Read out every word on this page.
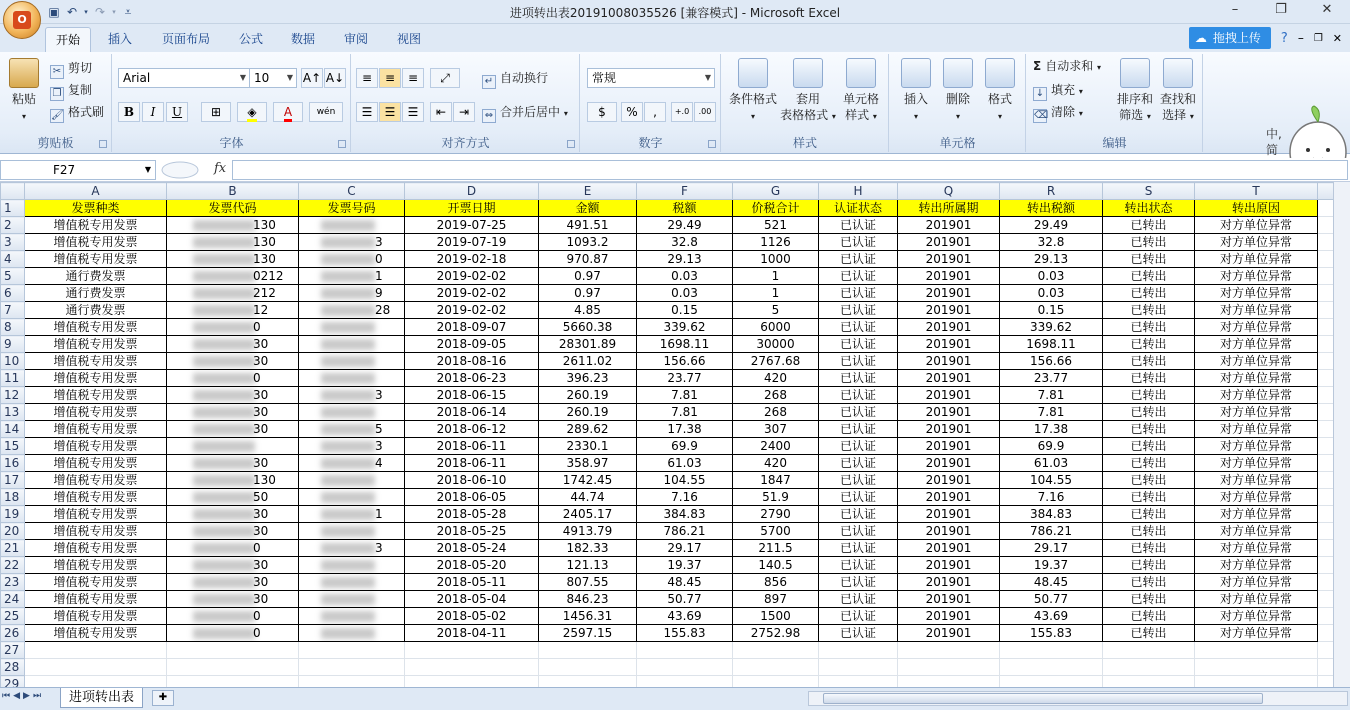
O
▣ ↶	▾ ↷	▾ ⩡	进项转出表20191008035526 [兼容模式] - Microsoft Excel	–	❐	✕
开始	插入	页面布局	公式	数据	审阅	视图	☁ 拖拽上传 ? – ❐ ✕
粘贴
▾
✂ 剪切
❐ 复制
🖌 格式刷
剪贴板
Arial	▼ 10 ▼ A↑ A↓
B	I	U	⊞	◈	A	wén
字体
≡	≡	≡	⤢	↵ 自动换行
☰	☰	☰	⇤	⇥	⇔ 合并后居中 ▾
对齐方式
常规	▼
$	%	,	+.0	.00
数字
条件格式
▾
套用
表格格式 ▾
单元格
样式 ▾
样式
插入
▾
删除
▾
格式
▾
单元格
Σ 自动求和 ▾
↓ 填充 ▾
⌫ 清除 ▾
排序和
筛选 ▾
查找和
选择 ▾
编辑
中,简
F27	▼	fx
	A	B	C	D	E	F	G	H	Q	R	S	T	
1	发票种类	发票代码	发票号码	开票日期	金额	税额	价税合计	认证状态	转出所属期	转出税额	转出状态	转出原因	
2	增值税专用发票	130		2019-07-25	491.51	29.49	521	已认证	201901	29.49	已转出	对方单位异常	
3	增值税专用发票	130	3	2019-07-19	1093.2	32.8	1126	已认证	201901	32.8	已转出	对方单位异常	
4	增值税专用发票	130	0	2019-02-18	970.87	29.13	1000	已认证	201901	29.13	已转出	对方单位异常	
5	通行费发票	0212	1	2019-02-02	0.97	0.03	1	已认证	201901	0.03	已转出	对方单位异常	
6	通行费发票	212	9	2019-02-02	0.97	0.03	1	已认证	201901	0.03	已转出	对方单位异常	
7	通行费发票	12	28	2019-02-02	4.85	0.15	5	已认证	201901	0.15	已转出	对方单位异常	
8	增值税专用发票	0		2018-09-07	5660.38	339.62	6000	已认证	201901	339.62	已转出	对方单位异常	
9	增值税专用发票	30		2018-09-05	28301.89	1698.11	30000	已认证	201901	1698.11	已转出	对方单位异常	
10	增值税专用发票	30		2018-08-16	2611.02	156.66	2767.68	已认证	201901	156.66	已转出	对方单位异常	
11	增值税专用发票	0		2018-06-23	396.23	23.77	420	已认证	201901	23.77	已转出	对方单位异常	
12	增值税专用发票	30	3	2018-06-15	260.19	7.81	268	已认证	201901	7.81	已转出	对方单位异常	
13	增值税专用发票	30		2018-06-14	260.19	7.81	268	已认证	201901	7.81	已转出	对方单位异常	
14	增值税专用发票	30	5	2018-06-12	289.62	17.38	307	已认证	201901	17.38	已转出	对方单位异常	
15	增值税专用发票		3	2018-06-11	2330.1	69.9	2400	已认证	201901	69.9	已转出	对方单位异常	
16	增值税专用发票	30	4	2018-06-11	358.97	61.03	420	已认证	201901	61.03	已转出	对方单位异常	
17	增值税专用发票	130		2018-06-10	1742.45	104.55	1847	已认证	201901	104.55	已转出	对方单位异常	
18	增值税专用发票	50		2018-06-05	44.74	7.16	51.9	已认证	201901	7.16	已转出	对方单位异常	
19	增值税专用发票	30	1	2018-05-28	2405.17	384.83	2790	已认证	201901	384.83	已转出	对方单位异常	
20	增值税专用发票	30		2018-05-25	4913.79	786.21	5700	已认证	201901	786.21	已转出	对方单位异常	
21	增值税专用发票	0	3	2018-05-24	182.33	29.17	211.5	已认证	201901	29.17	已转出	对方单位异常	
22	增值税专用发票	30		2018-05-20	121.13	19.37	140.5	已认证	201901	19.37	已转出	对方单位异常	
23	增值税专用发票	30		2018-05-11	807.55	48.45	856	已认证	201901	48.45	已转出	对方单位异常	
24	增值税专用发票	30		2018-05-04	846.23	50.77	897	已认证	201901	50.77	已转出	对方单位异常	
25	增值税专用发票	0		2018-05-02	1456.31	43.69	1500	已认证	201901	43.69	已转出	对方单位异常	
26	增值税专用发票	0		2018-04-11	2597.15	155.83	2752.98	已认证	201901	155.83	已转出	对方单位异常	
27													
28													
29													
⏮ ◀ ▶ ⏭	进项转出表	✚
